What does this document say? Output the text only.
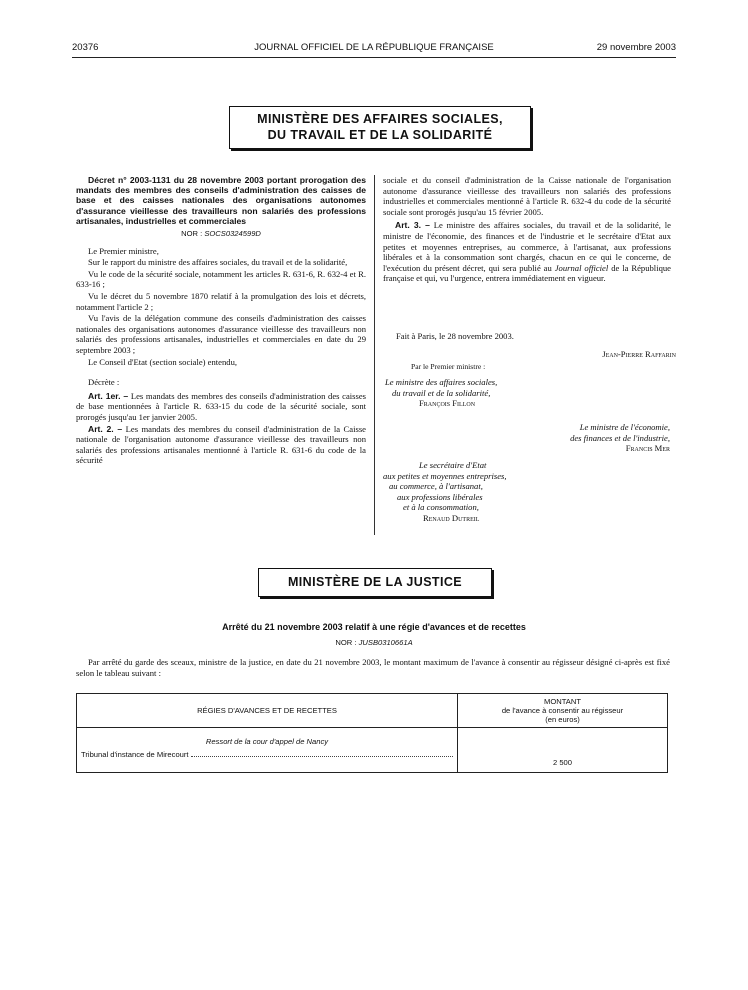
20376	JOURNAL OFFICIEL DE LA RÉPUBLIQUE FRANÇAISE	29 novembre 2003
MINISTÈRE DES AFFAIRES SOCIALES,
DU TRAVAIL ET DE LA SOLIDARITÉ

Décret n° 2003-1131 du 28 novembre 2003 portant prorogation des mandats des membres des conseils d'administration des caisses de base et des caisses nationales des organisations autonomes d'assurance vieillesse des travailleurs non salariés des professions artisanales, industrielles et commerciales

NOR : SOCS0324599D

Le Premier ministre,

Sur le rapport du ministre des affaires sociales, du travail et de la solidarité,

Vu le code de la sécurité sociale, notamment les articles R. 631-6, R. 632-4 et R. 633-16 ;

Vu le décret du 5 novembre 1870 relatif à la promulgation des lois et décrets, notamment l'article 2 ;

Vu l'avis de la délégation commune des conseils d'administration des caisses nationales des organisations autonomes d'assurance vieillesse des travailleurs non salariés des professions artisanales, industrielles et commerciales en date du 29 septembre 2003 ;

Le Conseil d'Etat (section sociale) entendu,

Décrète :

Art. 1er. – Les mandats des membres des conseils d'administration des caisses de base mentionnées à l'article R. 633-15 du code de la sécurité sociale, sont prorogés jusqu'au 1er janvier 2005.

Art. 2. – Les mandats des membres du conseil d'administration de la Caisse nationale de l'organisation autonome d'assurance vieillesse des travailleurs non salariés des professions artisanales mentionné à l'article R. 631-6 du code de la sécurité

sociale et du conseil d'administration de la Caisse nationale de l'organisation autonome d'assurance vieillesse des travailleurs non salariés des professions industrielles et commerciales mentionné à l'article R. 632-4 du code de la sécurité sociale sont prorogés jusqu'au 15 février 2005.

Art. 3. – Le ministre des affaires sociales, du travail et de la solidarité, le ministre de l'économie, des finances et de l'industrie et le secrétaire d'Etat aux petites et moyennes entreprises, au commerce, à l'artisanat, aux professions libérales et à la consommation sont chargés, chacun en ce qui le concerne, de l'exécution du présent décret, qui sera publié au Journal officiel de la République française et qui, vu l'urgence, entrera immédiatement en vigueur.

Fait à Paris, le 28 novembre 2003.
Jean-Pierre Raffarin
Par le Premier ministre :
Le ministre des affaires sociales,
du travail et de la solidarité,
François Fillon
Le ministre de l'économie,
des finances et de l'industrie,
Francis Mer
Le secrétaire d'Etat
aux petites et moyennes entreprises,
au commerce, à l'artisanat,
aux professions libérales
et à la consommation,
Renaud Dutreil
MINISTÈRE DE LA JUSTICE
Arrêté du 21 novembre 2003 relatif à une régie d'avances et de recettes
NOR : JUSB0310661A
Par arrêté du garde des sceaux, ministre de la justice, en date du 21 novembre 2003, le montant maximum de l'avance à consentir au régisseur désigné ci-après est fixé selon le tableau suivant :
RÉGIES D'AVANCES ET DE RECETTES	MONTANT
de l'avance à consentir au régisseur
(en euros)

Ressort de la cour d'appel de Nancy
Tribunal d'instance de Mirecourt	2 500
